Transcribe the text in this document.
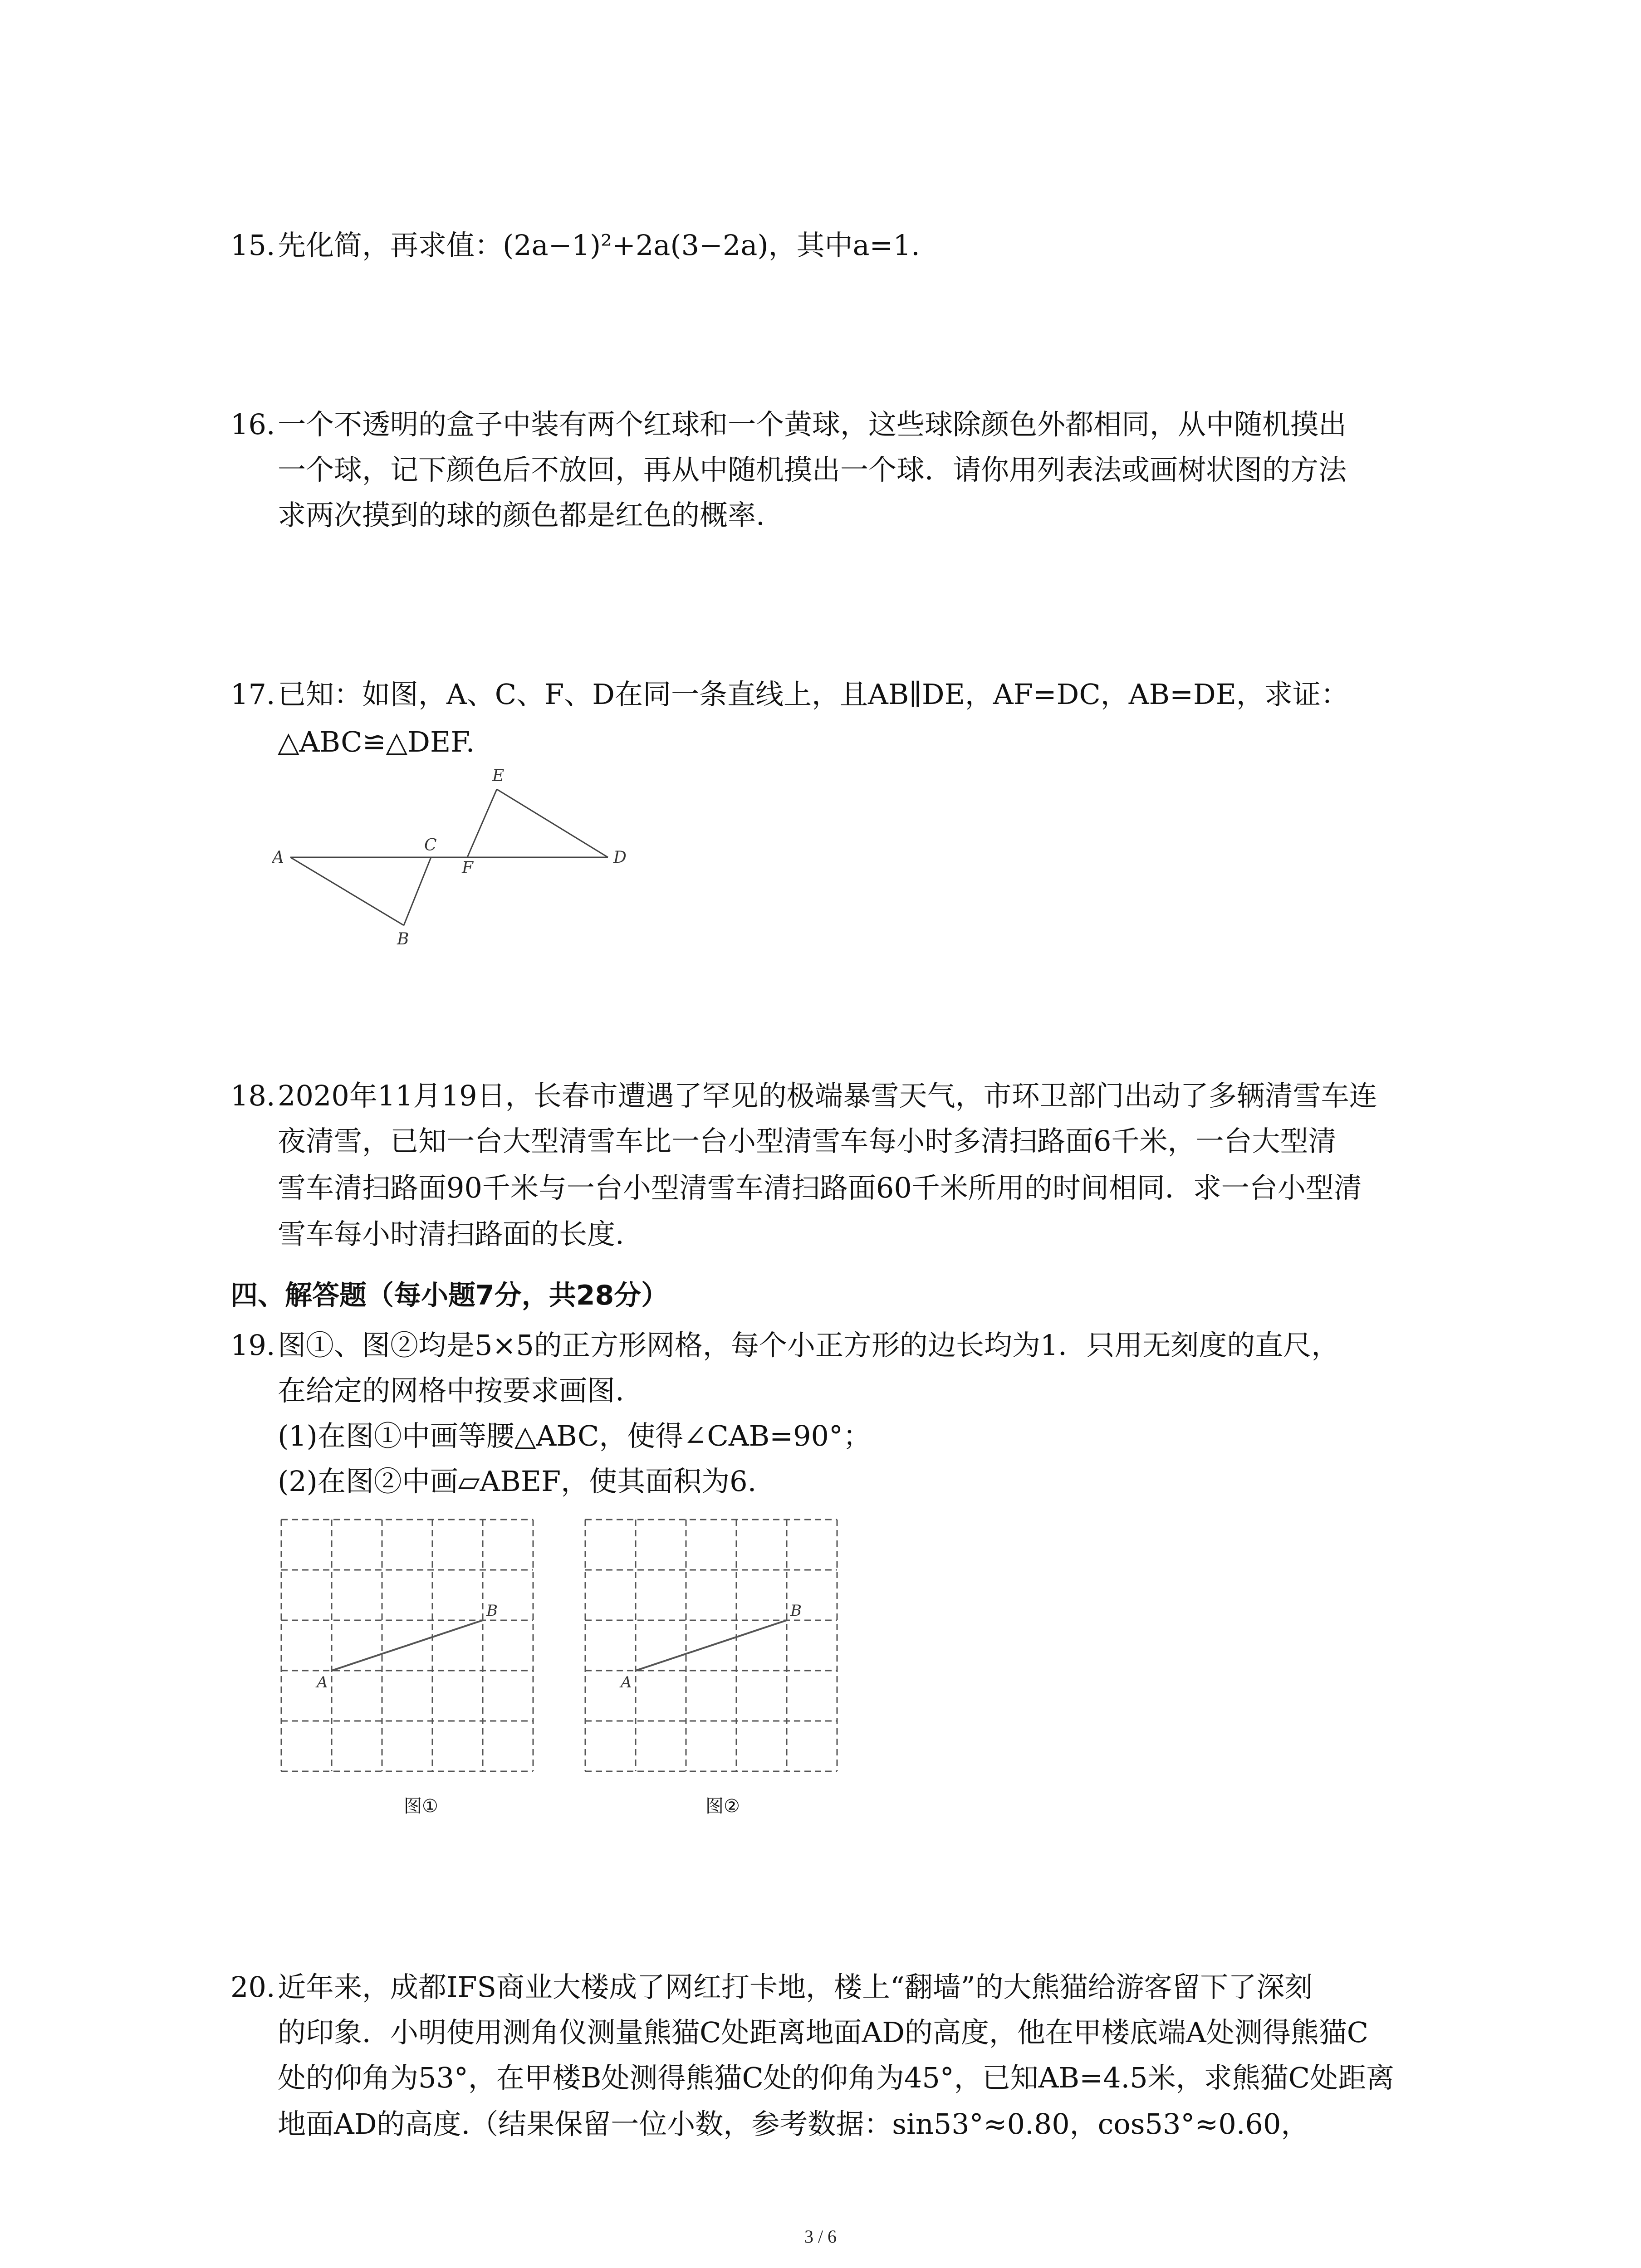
15. 先化简，再求值：(2a−1)²+2a(3−2a)，其中a=1.
16. 一个不透明的盒子中装有两个红球和一个黄球，这些球除颜色外都相同，从中随机摸出
一个球，记下颜色后不放回，再从中随机摸出一个球．请你用列表法或画树状图的方法
求两次摸到的球的颜色都是红色的概率.
17. 已知：如图，A、C、F、D在同一条直线上，且AB∥DE，AF=DC，AB=DE，求证：
△ABC≌△DEF.
A
B
C
D
E
F
18. 2020年11月19日，长春市遭遇了罕见的极端暴雪天气，市环卫部门出动了多辆清雪车连
夜清雪，已知一台大型清雪车比一台小型清雪车每小时多清扫路面6千米，一台大型清
雪车清扫路面90千米与一台小型清雪车清扫路面60千米所用的时间相同．求一台小型清
雪车每小时清扫路面的长度.
四、解答题（每小题7分，共28分）
19. 图①、图②均是5×5的正方形网格，每个小正方形的边长均为1．只用无刻度的直尺，
在给定的网格中按要求画图.
(1)在图①中画等腰△ABC，使得∠CAB=90°；
(2)在图②中画▱ABEF，使其面积为6.
A
B
图①
A
B
图②
20. 近年来，成都IFS商业大楼成了网红打卡地，楼上“翻墙”的大熊猫给游客留下了深刻
的印象．小明使用测角仪测量熊猫C处距离地面AD的高度，他在甲楼底端A处测得熊猫C
处的仰角为53°，在甲楼B处测得熊猫C处的仰角为45°，已知AB=4.5米，求熊猫C处距离
地面AD的高度.（结果保留一位小数，参考数据：sin53°≈0.80，cos53°≈0.60，
3 / 6
